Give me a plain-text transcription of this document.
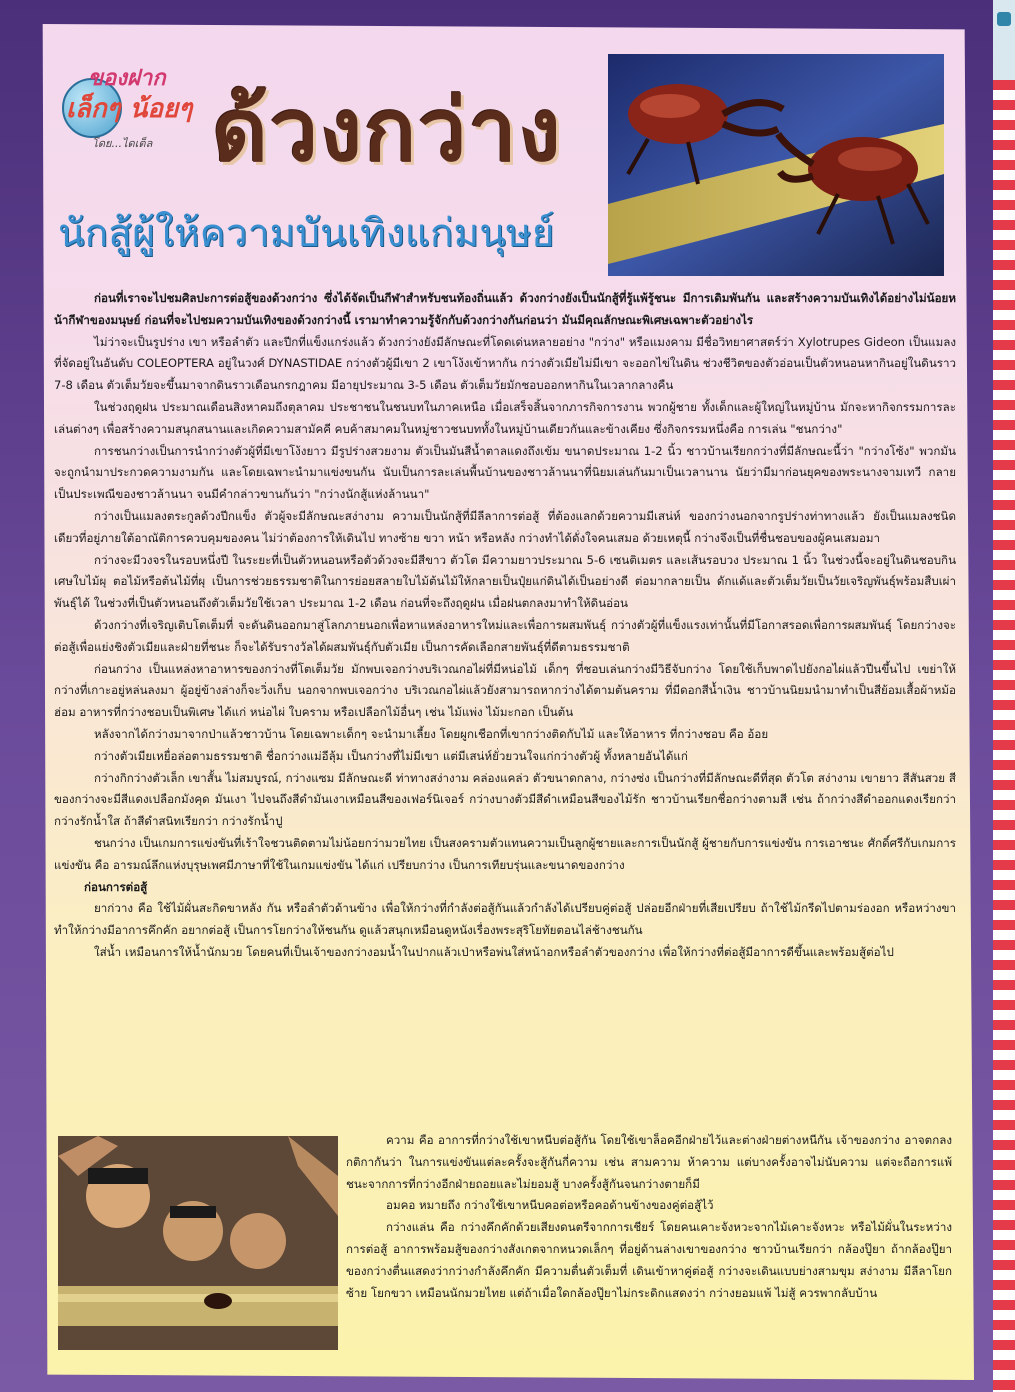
ของฝาก
เล็กๆ น้อยๆ
โดย...ไดเต็ล ด้วงกว่าง
นักสู้ผู้ให้ความบันเทิงแก่มนุษย์

ก่อนที่เราจะไปชมศิลปะการต่อสู้ของด้วงกว่าง ซึ่งได้จัดเป็นกีฬาสำหรับชนท้องถิ่นแล้ว ด้วงกว่างยังเป็นนักสู้ที่รู้แพ้รู้ชนะ มีการเดิมพันกัน และสร้างความบันเทิงได้อย่างไม่น้อยหน้ากีฬาของมนุษย์ ก่อนที่จะไปชมความบันเทิงของด้วงกว่างนี้ เรามาทำความรู้จักกับด้วงกว่างกันก่อนว่า มันมีคุณลักษณะพิเศษเฉพาะตัวอย่างไร

ไม่ว่าจะเป็นรูปร่าง เขา หรือลำตัว และปีกที่แข็งแกร่งแล้ว ด้วงกว่างยังมีลักษณะที่โดดเด่นหลายอย่าง "กว่าง" หรือแมงคาม มีชื่อวิทยาศาสตร์ว่า Xylotrupes Gideon เป็นแมลงที่จัดอยู่ในอันดับ COLEOPTERA อยู่ในวงศ์ DYNASTIDAE กว่างตัวผู้มีเขา 2 เขาโง้งเข้าหากัน กว่างตัวเมียไม่มีเขา จะออกไข่ในดิน ช่วงชีวิตของตัวอ่อนเป็นตัวหนอนหากินอยู่ในดินราว 7-8 เดือน ตัวเต็มวัยจะขึ้นมาจากดินราวเดือนกรกฎาคม มีอายุประมาณ 3-5 เดือน ตัวเต็มวัยมักชอบออกหากินในเวลากลางคืน

ในช่วงฤดูฝน ประมาณเดือนสิงหาคมถึงตุลาคม ประชาชนในชนบทในภาคเหนือ เมื่อเสร็จสิ้นจากภารกิจการงาน พวกผู้ชาย ทั้งเด็กและผู้ใหญ่ในหมู่บ้าน มักจะหากิจกรรมการละเล่นต่างๆ เพื่อสร้างความสนุกสนานและเกิดความสามัคคี คบค้าสมาคมในหมู่ชาวชนบททั้งในหมู่บ้านเดียวกันและข้างเคียง ซึ่งกิจกรรมหนึ่งคือ การเล่น "ชนกว่าง"

การชนกว่างเป็นการนำกว่างตัวผู้ที่มีเขาโง้งยาว มีรูปร่างสวยงาม ตัวเป็นมันสีน้ำตาลแดงถึงเข้ม ขนาดประมาณ 1-2 นิ้ว ชาวบ้านเรียกกว่างที่มีลักษณะนี้ว่า "กว่างโซ้ง" พวกมันจะถูกนำมาประกวดความงามกัน และโดยเฉพาะนำมาแข่งขนกัน นับเป็นการละเล่นพื้นบ้านของชาวล้านนาที่นิยมเล่นกันมาเป็นเวลานาน นัยว่ามีมาก่อนยุคของพระนางจามเทวี กลายเป็นประเพณีของชาวล้านนา จนมีคำกล่าวขานกันว่า "กว่างนักสู้แห่งล้านนา"

กว่างเป็นแมลงตระกูลด้วงปีกแข็ง ตัวผู้จะมีลักษณะสง่างาม ความเป็นนักสู้ที่มีลีลาการต่อสู้ ที่ต้องแลกด้วยความมีเสน่ห์ ของกว่างนอกจากรูปร่างท่าทางแล้ว ยังเป็นแมลงชนิดเดียวที่อยู่ภายใต้อาณัติการควบคุมของคน ไม่ว่าต้องการให้เดินไป ทางซ้าย ขวา หน้า หรือหลัง กว่างทำได้ดั่งใจคนเสมอ ด้วยเหตุนี้ กว่างจึงเป็นที่ชื่นชอบของผู้คนเสมอมา

กว่างจะมีวงจรในรอบหนึ่งปี ในระยะที่เป็นตัวหนอนหรือตัวด้วงจะมีสีขาว ตัวโต มีความยาวประมาณ 5-6 เซนติเมตร และเส้นรอบวง ประมาณ 1 นิ้ว ในช่วงนี้จะอยู่ในดินชอบกินเศษใบไม้ผุ ตอไม้หรือต้นไม้ที่ผุ เป็นการช่วยธรรมชาติในการย่อยสลายใบไม้ต้นไม้ให้กลายเป็นปุ๋ยแก่ดินได้เป็นอย่างดี ต่อมากลายเป็น ดักแด้และตัวเต็มวัยเป็นวัยเจริญพันธุ์พร้อมสืบเผ่าพันธุ์ได้ ในช่วงที่เป็นตัวหนอนถึงตัวเต็มวัยใช้เวลา ประมาณ 1-2 เดือน ก่อนที่จะถึงฤดูฝน เมื่อฝนตกลงมาทำให้ดินอ่อน

ด้วงกว่างที่เจริญเติบโตเต็มที่ จะดันดินออกมาสู่โลกภายนอกเพื่อหาแหล่งอาหารใหม่และเพื่อการผสมพันธุ์ กว่างตัวผู้ที่แข็งแรงเท่านั้นที่มีโอกาสรอดเพื่อการผสมพันธุ์ โดยกว่างจะต่อสู้เพื่อแย่งชิงตัวเมียและฝ่ายที่ชนะ ก็จะได้รับรางวัลได้ผสมพันธุ์กับตัวเมีย เป็นการคัดเลือกสายพันธุ์ที่ดีตามธรรมชาติ

ก่อนกว่าง เป็นแหล่งหาอาหารของกว่างที่โตเต็มวัย มักพบเจอกว่างบริเวณกอไผ่ที่มีหน่อไม้ เด็กๆ ที่ชอบเล่นกว่างมีวิธีจับกว่าง โดยใช้เก็บพาดไปยังกอไผ่แล้วปีนขึ้นไป เขย่าให้กว่างที่เกาะอยู่หล่นลงมา ผู้อยู่ข้างล่างก็จะวิ่งเก็บ นอกจากพบเจอกว่าง บริเวณกอไผ่แล้วยังสามารถหากว่างได้ตามต้นคราม ที่มีดอกสีน้ำเงิน ชาวบ้านนิยมนำมาทำเป็นสีย้อมเสื้อผ้าหม้อฮ่อม อาหารที่กว่างชอบเป็นพิเศษ ได้แก่ หน่อไผ่ ใบคราม หรือเปลือกไม้อื่นๆ เช่น ไม้แพ่ง ไม้มะกอก เป็นต้น

หลังจากได้กว่างมาจากป่าแล้วชาวบ้าน โดยเฉพาะเด็กๆ จะนำมาเลี้ยง โดยผูกเชือกที่เขากว่างติดกับไม้ และให้อาหาร ที่กว่างชอบ คือ อ้อย

กว่างตัวเมียเหยื่อล่อตามธรรมชาติ ชื่อกว่างแม่อีลุ้ม เป็นกว่างที่ไม่มีเขา แต่มีเสน่ห์ยั่วยวนใจแก่กว่างตัวผู้ ทั้งหลายอันได้แก่

กว่างกิกว่างตัวเล็ก เขาสั้น ไม่สมบูรณ์, กว่างแซม มีลักษณะดี ท่าทางสง่างาม คล่องแคล่ว ตัวขนาดกลาง, กว่างซ่ง เป็นกว่างที่มีลักษณะดีที่สุด ตัวโต สง่างาม เขายาว สีสันสวย สีของกว่างจะมีสีแดงเปลือกมังคุด มันเงา ไปจนถึงสีดำมันเงาเหมือนสีของเฟอร์นิเจอร์ กว่างบางตัวมีสีดำเหมือนสีของไม้รัก ชาวบ้านเรียกชื่อกว่างตามสี เช่น ถ้ากว่างสีดำออกแดงเรียกว่ากว่างรักน้ำใส ถ้าสีดำสนิทเรียกว่า กว่างรักน้ำปู

ชนกว่าง เป็นเกมการแข่งขันที่เร้าใจชวนติดตามไม่น้อยกว่ามวยไทย เป็นสงครามตัวแทนความเป็นลูกผู้ชายและการเป็นนักสู้ ผู้ชายกับการแข่งขัน การเอาชนะ ศักดิ์ศรีกับเกมการแข่งขัน คือ อารมณ์ลึกแห่งบุรุษเพศมีภาษาที่ใช้ในเกมแข่งขัน ได้แก่ เปรียบกว่าง เป็นการเทียบรุ่นและขนาดของกว่าง

ก่อนการต่อสู้

ยาก่วาง คือ ใช้ไม้ผั่นสะกิดขาหลัง กัน หรือลำตัวด้านข้าง เพื่อให้กว่างที่กำลังต่อสู้กันแล้วกำลังได้เปรียบคู่ต่อสู้ ปล่อยอีกฝ่ายที่เสียเปรียบ ถ้าใช้ไม้กรีดไปตามร่องอก หรือหว่างขาทำให้กว่างมีอาการคึกคัก อยากต่อสู้ เป็นการโยกว่างให้ชนกัน ดูแล้วสนุกเหมือนดูหนังเรื่องพระสุริโยทัยตอนไล่ช้างชนกัน

ใส่น้ำ เหมือนการให้น้ำนักมวย โดยคนที่เป็นเจ้าของกว่างอมน้ำในปากแล้วเป่าหรือพ่นใส่หน้าอกหรือลำตัวของกว่าง เพื่อให้กว่างที่ต่อสู้มีอาการดีขึ้นและพร้อมสู้ต่อไป

ความ คือ อาการที่กว่างใช้เขาหนีบต่อสู้กัน โดยใช้เขาล็อคอีกฝ่ายไว้และต่างฝ่ายต่างหนีกัน เจ้าของกว่าง อาจตกลง กติกากันว่า ในการแข่งขันแต่ละครั้งจะสู้กันกี่ความ เช่น สามความ ห้าความ แต่บางครั้งอาจไม่นับความ แต่จะถือการแพ้ชนะจากการที่กว่างอีกฝ่ายถอยและไม่ยอมสู้ บางครั้งสู้กันจนกว่างตายก็มี

อมคอ หมายถึง กว่างใช้เขาหนีบคอต่อหรือคอด้านข้างของคู่ต่อสู้ไว้

กว่างแล่น คือ กว่างคึกคักด้วยเสียงดนตรีจากการเชียร์ โดยคนเคาะจังหวะจากไม้เคาะจังหวะ หรือไม้ผั่นในระหว่างการต่อสู้ อาการพร้อมสู้ของกว่างสังเกตจากหนวดเล็กๆ ที่อยู่ด้านล่างเขาของกว่าง ชาวบ้านเรียกว่า กล้องปู๊ยา ถ้ากล้องปู๊ยาของกว่างตื่นแสดงว่ากว่างกำลังคึกคัก มีความตื่นตัวเต็มที่ เดินเข้าหาคู่ต่อสู้ กว่างจะเดินแบบย่างสามขุม สง่างาม มีลีลาโยกซ้าย โยกขวา เหมือนนักมวยไทย แต่ถ้าเมื่อใดกล้องปู๊ยาไม่กระดิกแสดงว่า กว่างยอมแพ้ ไม่สู้ ควรพากลับบ้าน
